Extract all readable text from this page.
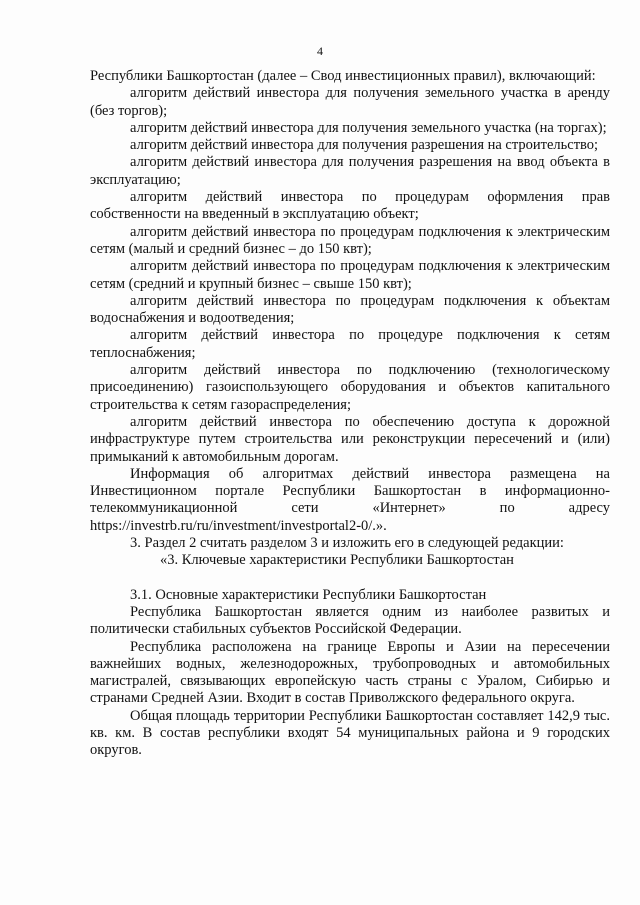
4

Республики Башкортостан (далее – Свод инвестиционных правил), включающий:

алгоритм действий инвестора для получения земельного участка в аренду (без торгов);

алгоритм действий инвестора для получения земельного участка (на торгах);

алгоритм действий инвестора для получения разрешения на строительство;

алгоритм действий инвестора для получения разрешения на ввод объекта в эксплуатацию;

алгоритм действий инвестора по процедурам оформления прав собственности на введенный в эксплуатацию объект;

алгоритм действий инвестора по процедурам подключения к электрическим сетям (малый и средний бизнес – до 150 квт);

алгоритм действий инвестора по процедурам подключения к электрическим сетям (средний и крупный бизнес – свыше 150 квт);

алгоритм действий инвестора по процедурам подключения к объектам водоснабжения и водоотведения;

алгоритм действий инвестора по процедуре подключения к сетям теплоснабжения;

алгоритм действий инвестора по подключению (технологическому присоединению) газоиспользующего оборудования и объектов капитального строительства к сетям газораспределения;

алгоритм действий инвестора по обеспечению доступа к дорожной инфраструктуре путем строительства или реконструкции пересечений и (или) примыканий к автомобильным дорогам.

Информация об алгоритмах действий инвестора размещена на Инвестиционном портале Республики Башкортостан в информационно-телекоммуникационной сети «Интернет» по адресу https://investrb.ru/ru/investment/investportal2-0/.».

3. Раздел 2 считать разделом 3 и изложить его в следующей редакции:

«3. Ключевые характеристики Республики Башкортостан

3.1. Основные характеристики Республики Башкортостан

Республика Башкортостан является одним из наиболее развитых и политически стабильных субъектов Российской Федерации.

Республика расположена на границе Европы и Азии на пересечении важнейших водных, железнодорожных, трубопроводных и автомобильных магистралей, связывающих европейскую часть страны с Уралом, Сибирью и странами Средней Азии. Входит в состав Приволжского федерального округа.

Общая площадь территории Республики Башкортостан составляет 142,9 тыс. кв. км. В состав республики входят 54 муниципальных района и 9 городских округов.
